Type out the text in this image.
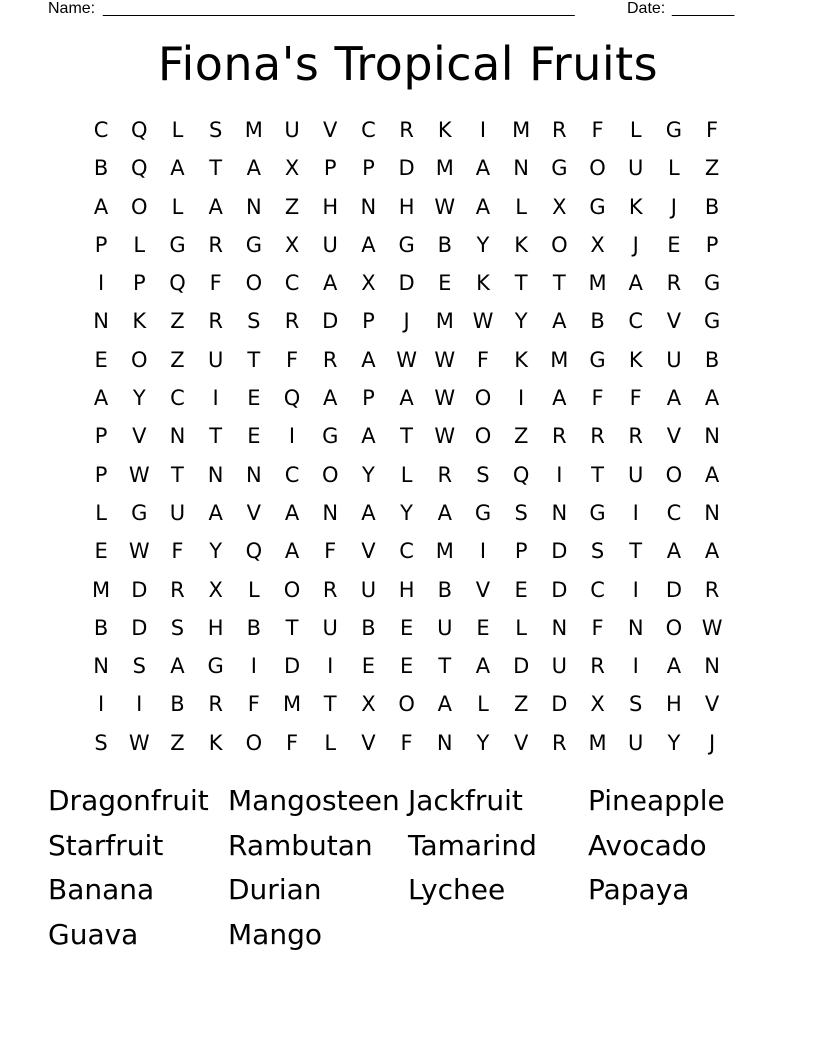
Name: _____________________________________________________	Date: _______
Fiona's Tropical Fruits
C	Q	L	S	M	U	V	C	R	K	I	M	R	F	L	G	F
B	Q	A	T	A	X	P	P	D	M	A	N	G	O	U	L	Z
A	O	L	A	N	Z	H	N	H W A	L	X	G	K	J	B
P	L	G	R	G	X	U	A	G	B	Y	K	O	X	J	E	P
I	P	Q	F	O	C	A	X	D	E	K	T	T	M	A	R	G
N	K	Z	R	S	R	D	P	J	M W	Y	A	B	C	V	G
E	O	Z	U	T	F	R	A W W	F	K	M G	K	U	B
A	Y	C	I	E	Q	A	P	A W O	I	A	F	F	A	A
P	V	N	T	E	I	G	A	T	W O	Z	R	R	R	V	N
P	W	T	N	N	C	O	Y	L	R	S	Q	I	T	U	O	A
L	G	U	A	V	A	N	A	Y	A	G	S	N	G	I	C	N
E	W	F	Y	Q	A	F	V	C	M	I	P	D	S	T	A	A
M	D	R	X	L	O	R	U	H	B	V	E	D	C	I	D	R
B	D	S	H	B	T	U	B	E	U	E	L	N	F	N	O W
N	S	A	G	I	D	I	E	E	T	A	D	U	R	I	A	N
I	I	B	R	F	M	T	X	O	A	L	Z	D	X	S	H	V
S	W Z	K	O	F	L	V	F	N	Y	V	R	M	U	Y	J
Dragonfruit Mangosteen Jackfruit	Pineapple
Starfruit	Rambutan	Tamarind	Avocado
Banana	Durian	Lychee	Papaya
Guava	Mango
